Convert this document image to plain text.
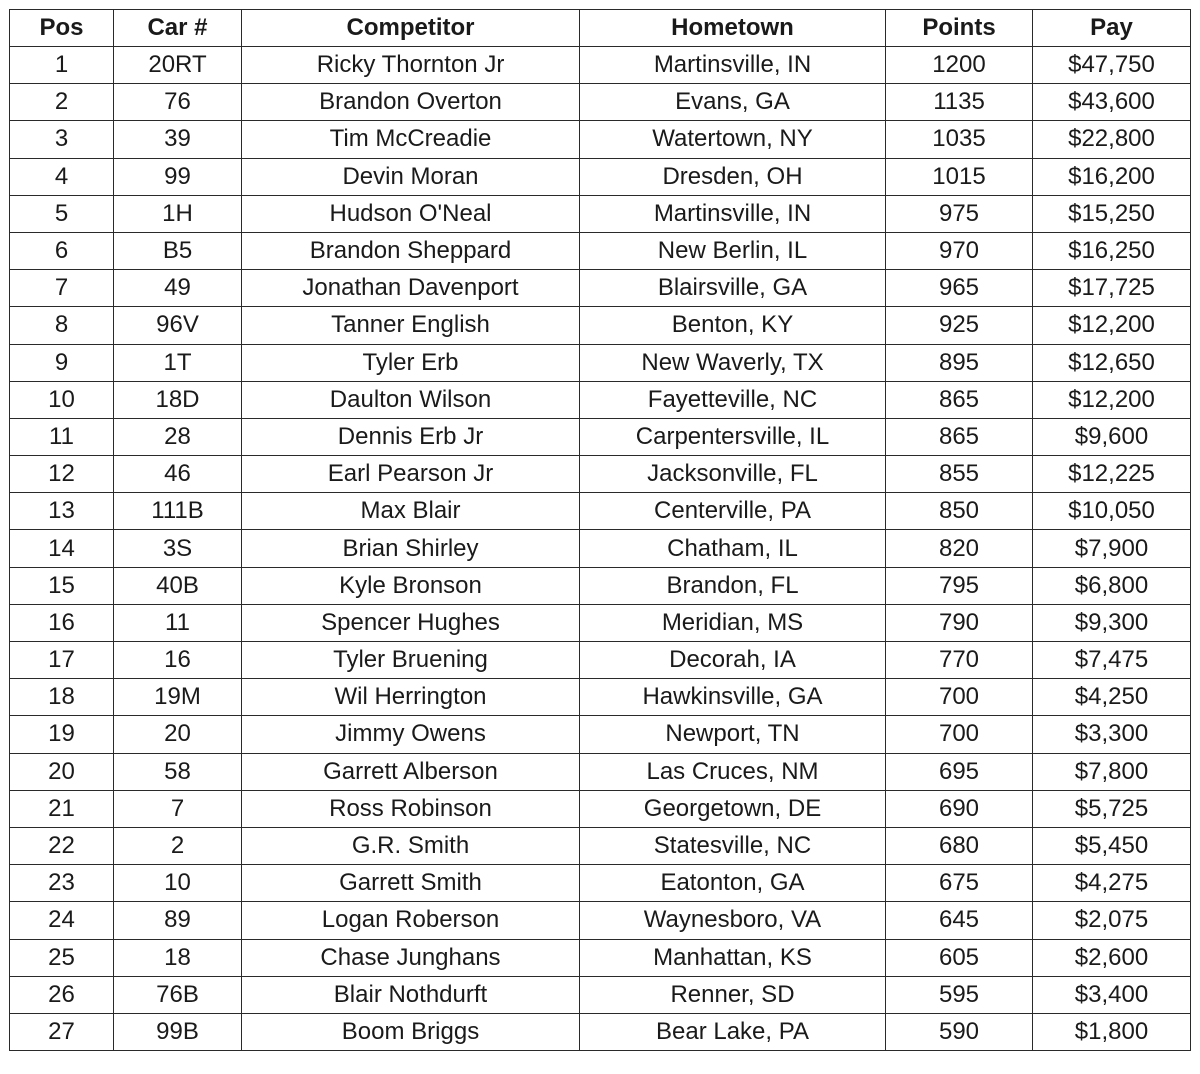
Pos	Car #	Competitor	Hometown	Points	Pay
1	20RT	Ricky Thornton Jr	Martinsville, IN	1200	$47,750
2	76	Brandon Overton	Evans, GA	1135	$43,600
3	39	Tim McCreadie	Watertown, NY	1035	$22,800
4	99	Devin Moran	Dresden, OH	1015	$16,200
5	1H	Hudson O'Neal	Martinsville, IN	975	$15,250
6	B5	Brandon Sheppard	New Berlin, IL	970	$16,250
7	49	Jonathan Davenport	Blairsville, GA	965	$17,725
8	96V	Tanner English	Benton, KY	925	$12,200
9	1T	Tyler Erb	New Waverly, TX	895	$12,650
10	18D	Daulton Wilson	Fayetteville, NC	865	$12,200
11	28	Dennis Erb Jr	Carpentersville, IL	865	$9,600
12	46	Earl Pearson Jr	Jacksonville, FL	855	$12,225
13	111B	Max Blair	Centerville, PA	850	$10,050
14	3S	Brian Shirley	Chatham, IL	820	$7,900
15	40B	Kyle Bronson	Brandon, FL	795	$6,800
16	11	Spencer Hughes	Meridian, MS	790	$9,300
17	16	Tyler Bruening	Decorah, IA	770	$7,475
18	19M	Wil Herrington	Hawkinsville, GA	700	$4,250
19	20	Jimmy Owens	Newport, TN	700	$3,300
20	58	Garrett Alberson	Las Cruces, NM	695	$7,800
21	7	Ross Robinson	Georgetown, DE	690	$5,725
22	2	G.R. Smith	Statesville, NC	680	$5,450
23	10	Garrett Smith	Eatonton, GA	675	$4,275
24	89	Logan Roberson	Waynesboro, VA	645	$2,075
25	18	Chase Junghans	Manhattan, KS	605	$2,600
26	76B	Blair Nothdurft	Renner, SD	595	$3,400
27	99B	Boom Briggs	Bear Lake, PA	590	$1,800
